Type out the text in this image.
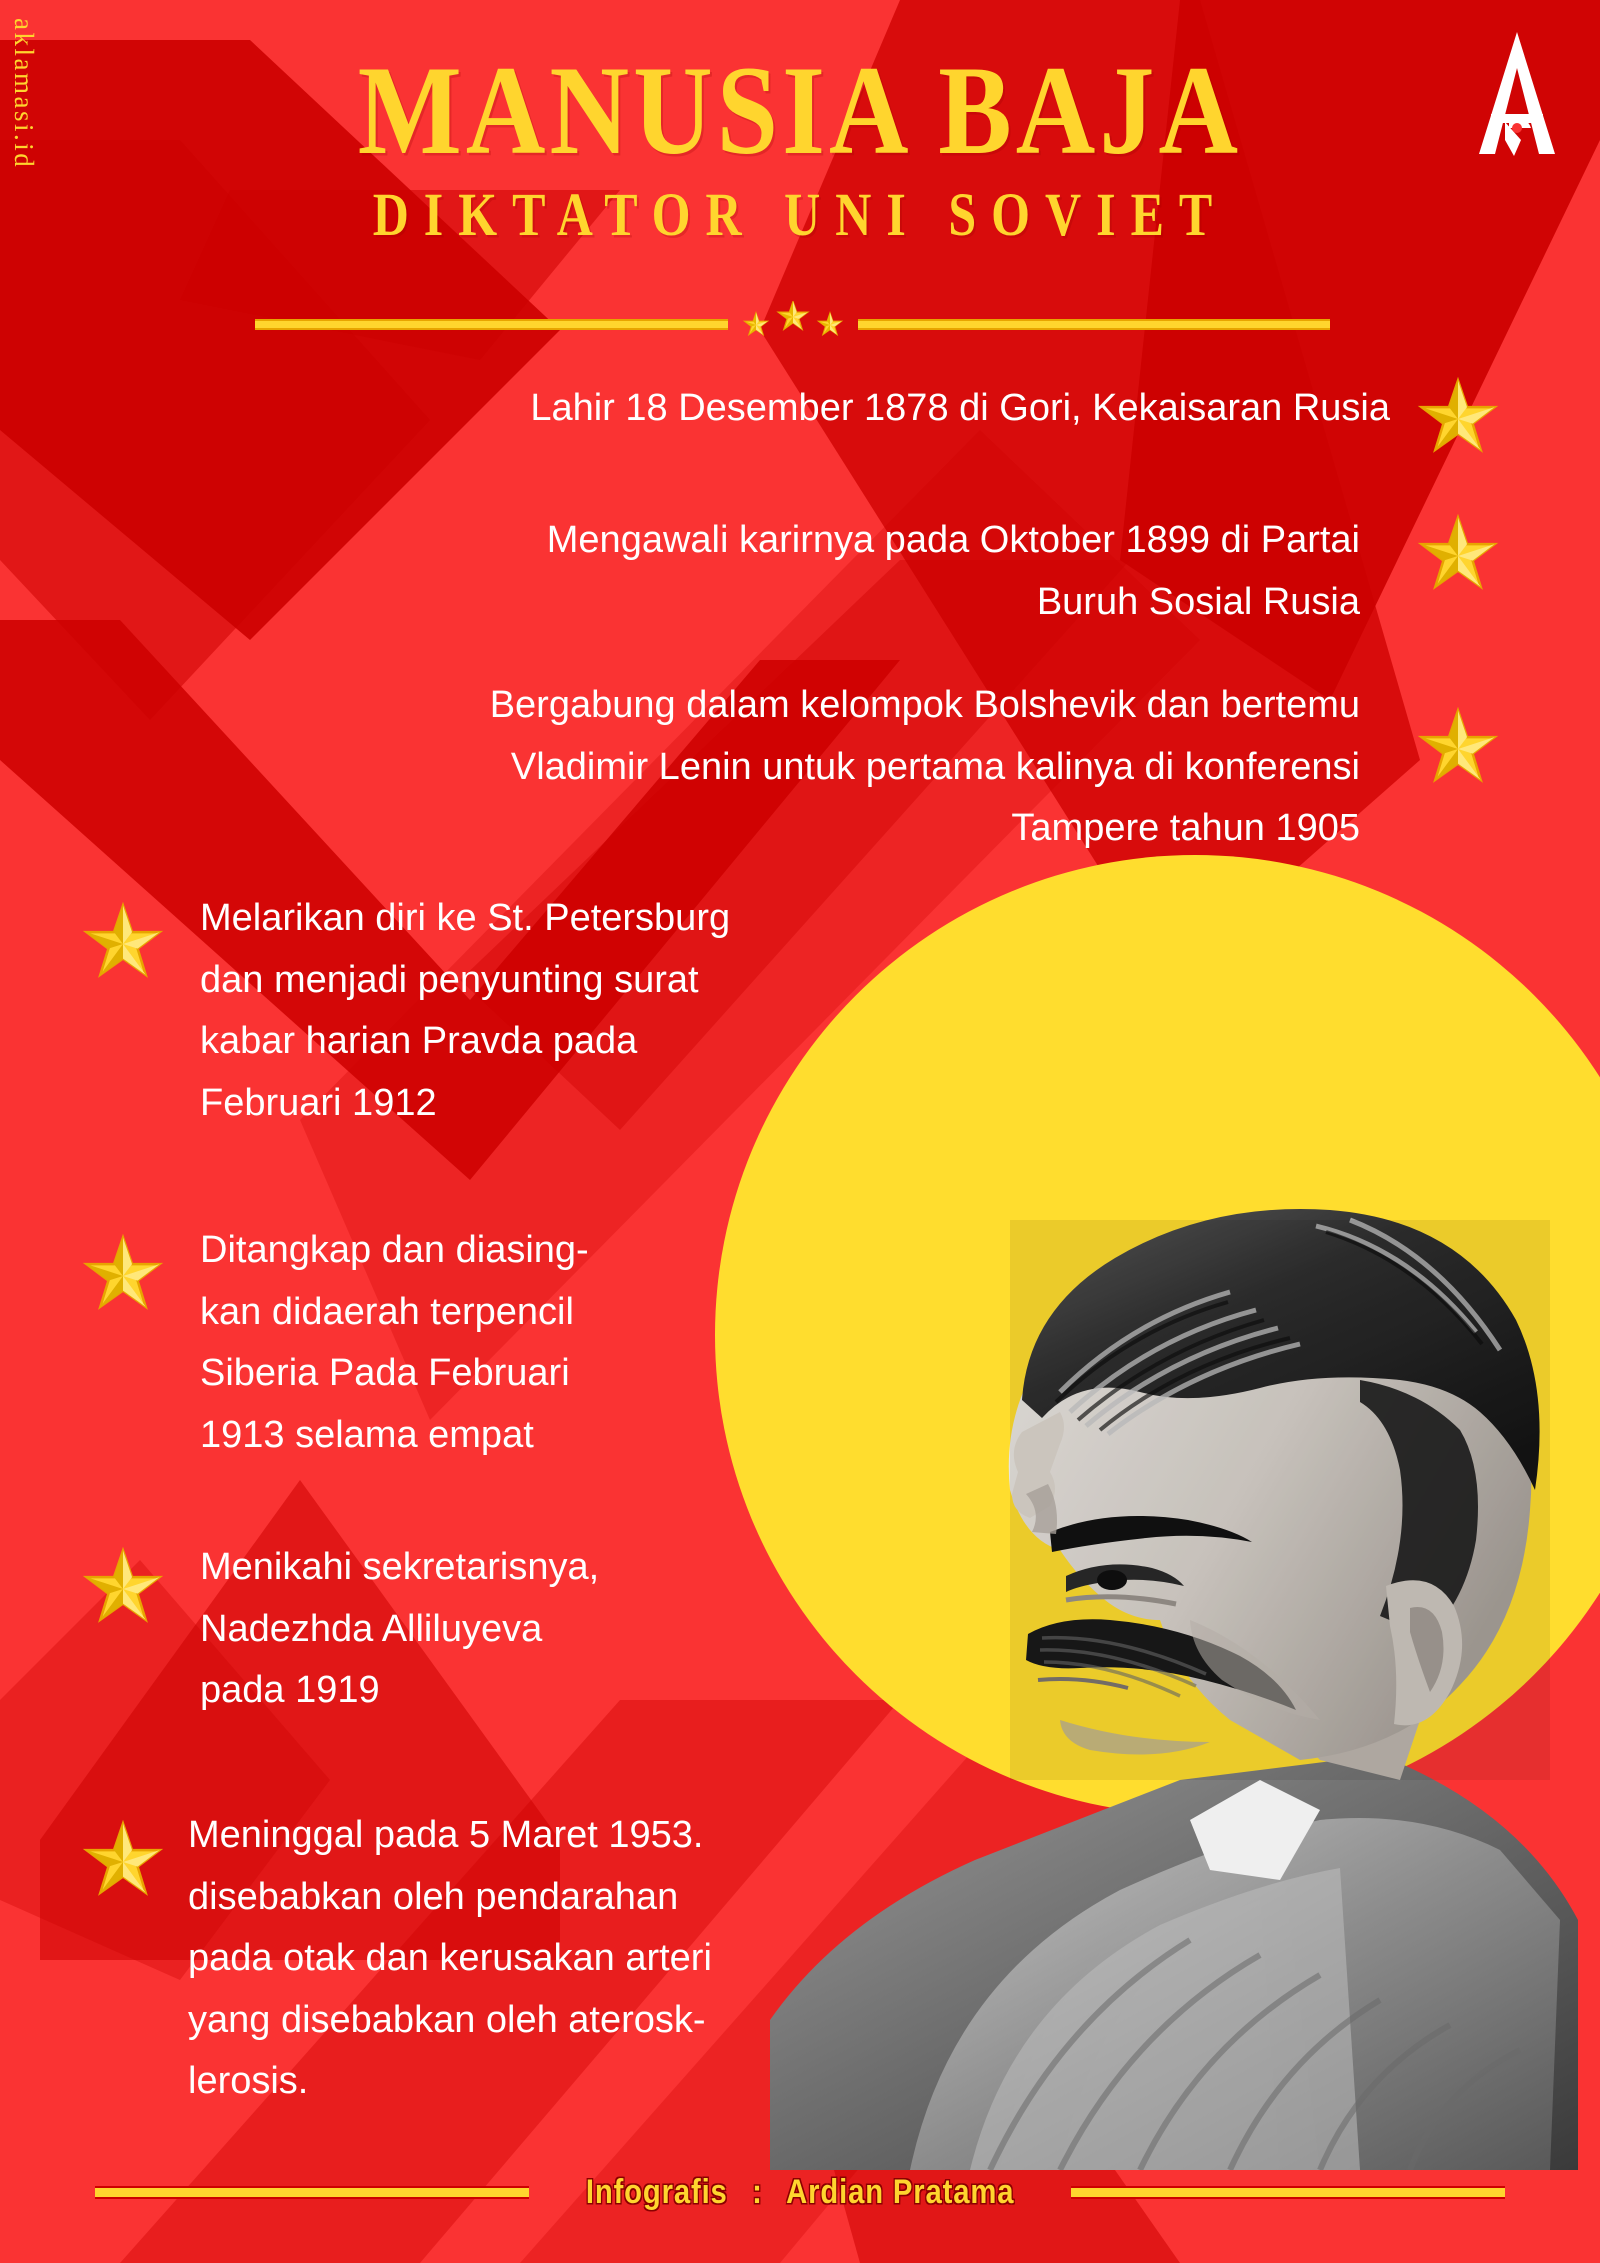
aklamasi.id	MANUSIA BAJA
DIKTATOR UNI SOVIET
Lahir 18 Desember 1878 di Gori, Kekaisaran Rusia
Mengawali karirnya pada Oktober 1899 di Partai
Buruh Sosial Rusia
Bergabung dalam kelompok Bolshevik dan bertemu
Vladimir Lenin untuk pertama kalinya di konferensi
Tampere tahun 1905
Melarikan diri ke St. Petersburg
dan menjadi penyunting surat
kabar harian Pravda pada
Februari 1912
Ditangkap dan diasing-
kan didaerah terpencil
Siberia Pada Februari
1913 selama empat
Menikahi sekretarisnya,
Nadezhda Alliluyeva
pada 1919
Meninggal pada 5 Maret 1953.
disebabkan oleh pendarahan
pada otak dan kerusakan arteri
yang disebabkan oleh aterosk-
lerosis.
Infografis : Ardian Pratama
